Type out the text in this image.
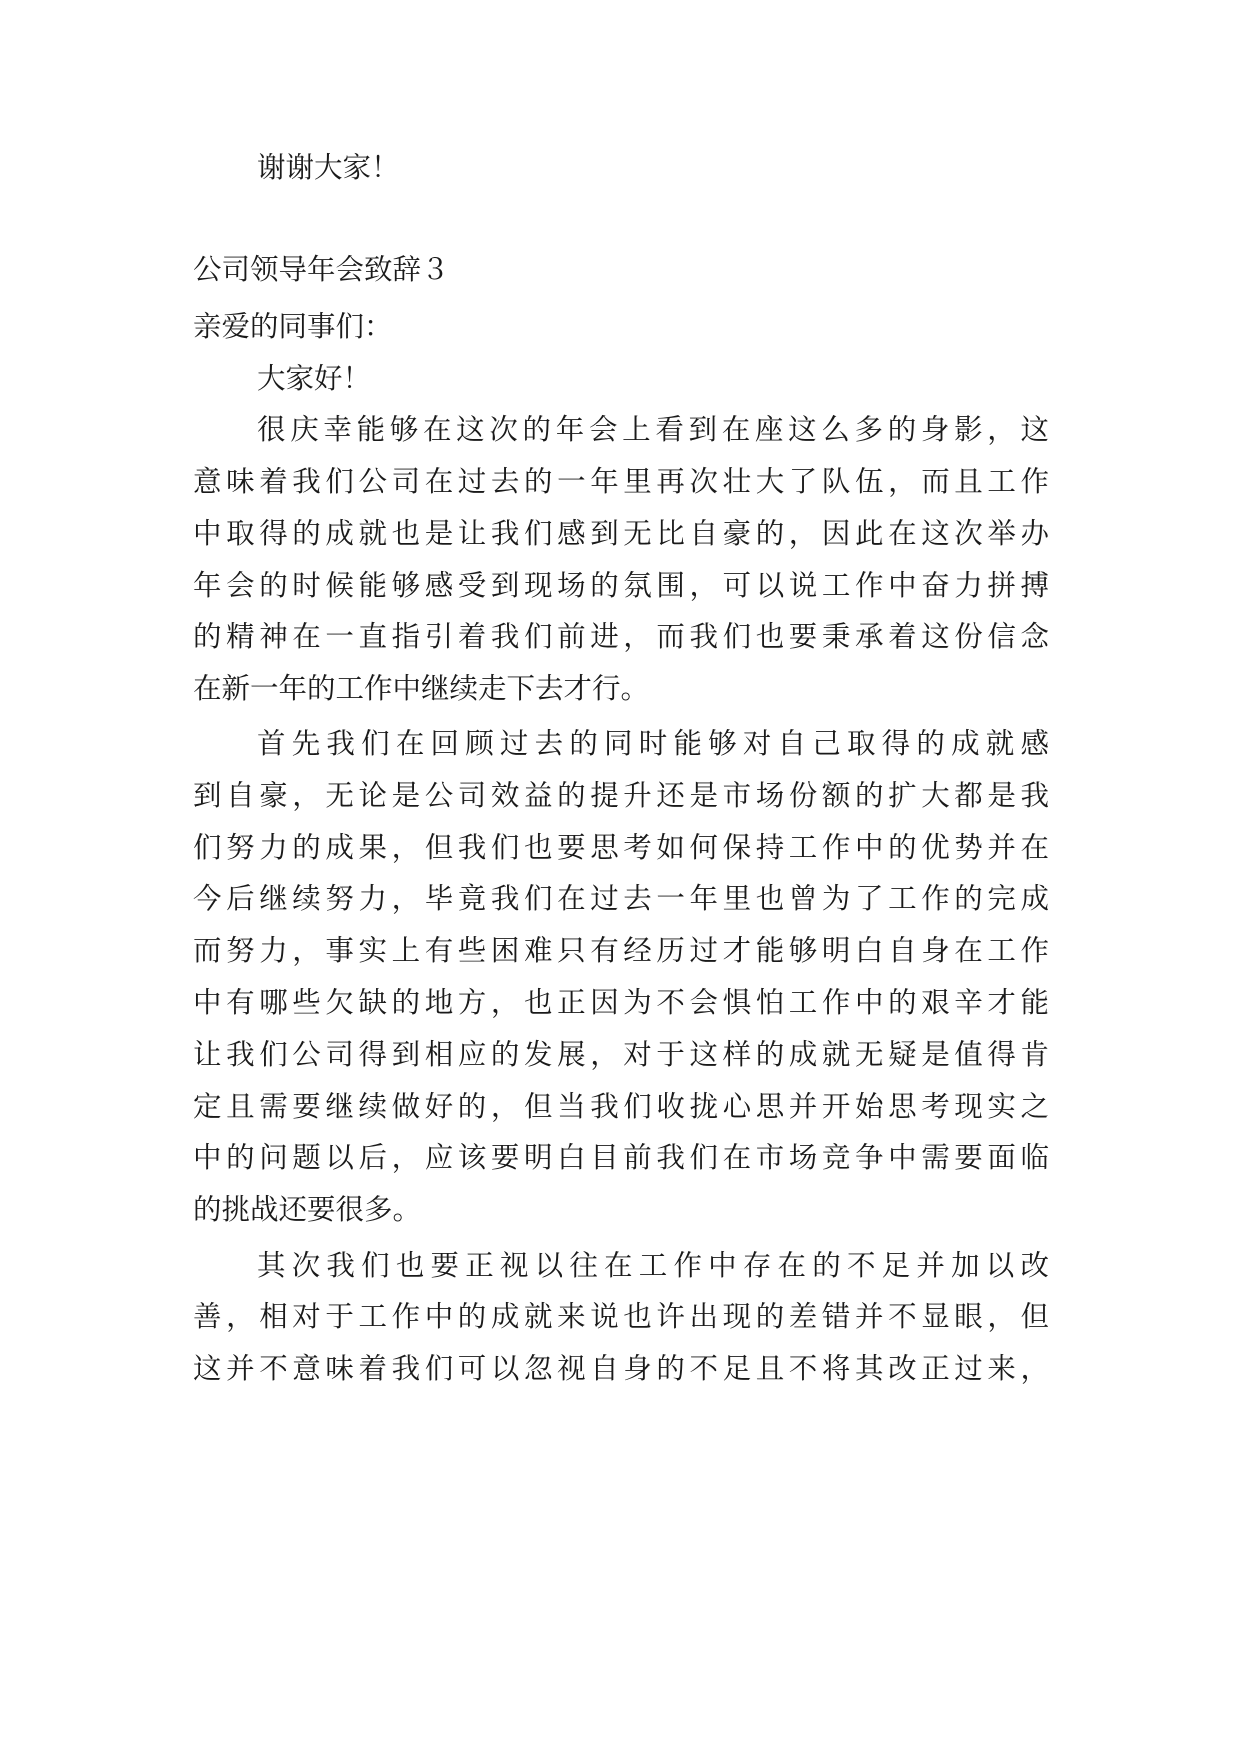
谢谢大家！
公司领导年会致辞３
亲爱的同事们：
大家好！
很庆幸能够在这次的年会上看到在座这么多的身影，这
意味着我们公司在过去的一年里再次壮大了队伍，而且工作
中取得的成就也是让我们感到无比自豪的，因此在这次举办
年会的时候能够感受到现场的氛围，可以说工作中奋力拼搏
的精神在一直指引着我们前进，而我们也要秉承着这份信念
在新一年的工作中继续走下去才行。
首先我们在回顾过去的同时能够对自己取得的成就感
到自豪，无论是公司效益的提升还是市场份额的扩大都是我
们努力的成果，但我们也要思考如何保持工作中的优势并在
今后继续努力，毕竟我们在过去一年里也曾为了工作的完成
而努力，事实上有些困难只有经历过才能够明白自身在工作
中有哪些欠缺的地方，也正因为不会惧怕工作中的艰辛才能
让我们公司得到相应的发展，对于这样的成就无疑是值得肯
定且需要继续做好的，但当我们收拢心思并开始思考现实之
中的问题以后，应该要明白目前我们在市场竞争中需要面临
的挑战还要很多。
其次我们也要正视以往在工作中存在的不足并加以改
善，相对于工作中的成就来说也许出现的差错并不显眼，但
这并不意味着我们可以忽视自身的不足且不将其改正过来，
